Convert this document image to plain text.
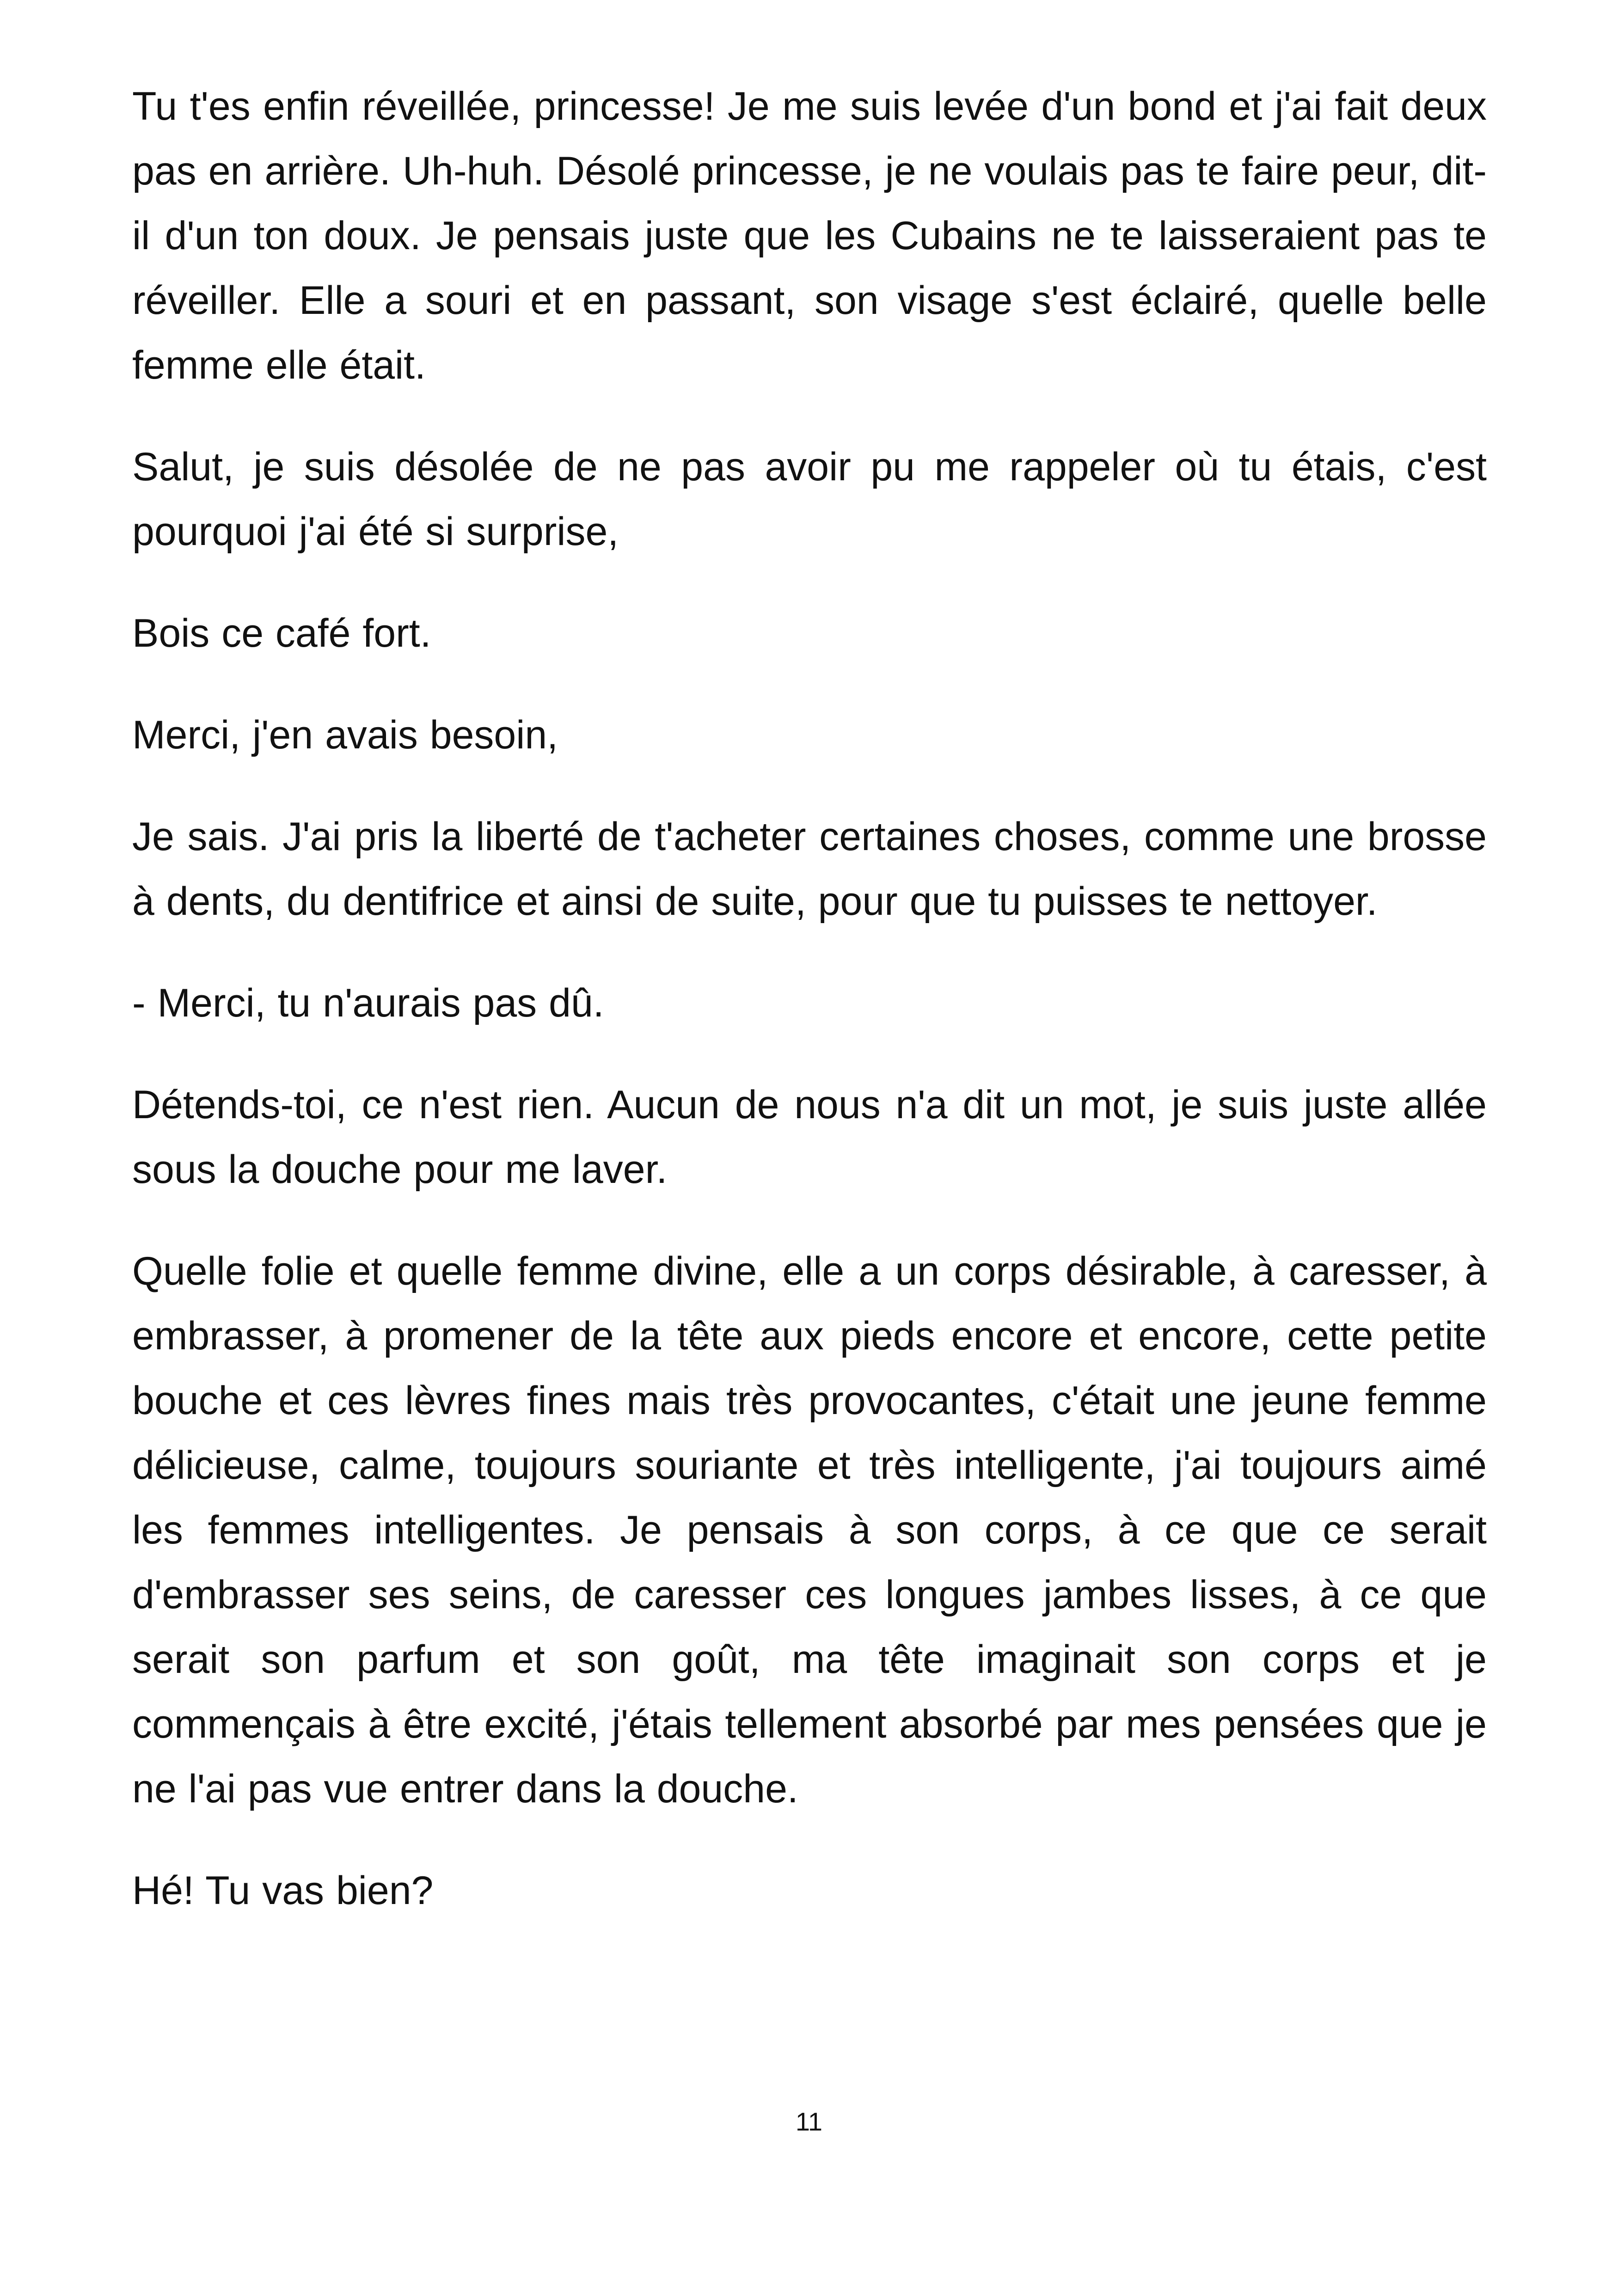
Tu t'es enfin réveillée, princesse! Je me suis levée d'un bond et j'ai fait deux pas en arrière. Uh-huh. Désolé princesse, je ne voulais pas te faire peur, dit-il d'un ton doux. Je pensais juste que les Cubains ne te laisseraient pas te réveiller. Elle a souri et en passant, son visage s'est éclairé, quelle belle femme elle était.

Salut, je suis désolée de ne pas avoir pu me rappeler où tu étais, c'est pourquoi j'ai été si surprise,

Bois ce café fort.

Merci, j'en avais besoin,

Je sais. J'ai pris la liberté de t'acheter certaines choses, comme une brosse à dents, du dentifrice et ainsi de suite, pour que tu puisses te nettoyer.

- Merci, tu n'aurais pas dû.

Détends-toi, ce n'est rien. Aucun de nous n'a dit un mot, je suis juste allée sous la douche pour me laver.

Quelle folie et quelle femme divine, elle a un corps désirable, à caresser, à embrasser, à promener de la tête aux pieds encore et encore, cette petite bouche et ces lèvres fines mais très provocantes, c'était une jeune femme délicieuse, calme, toujours souriante et très intelligente, j'ai toujours aimé les femmes intelligentes. Je pensais à son corps, à ce que ce serait d'embrasser ses seins, de caresser ces longues jambes lisses, à ce que serait son parfum et son goût, ma tête imaginait son corps et je commençais à être excité, j'étais tellement absorbé par mes pensées que je ne l'ai pas vue entrer dans la douche.

Hé! Tu vas bien?

11
